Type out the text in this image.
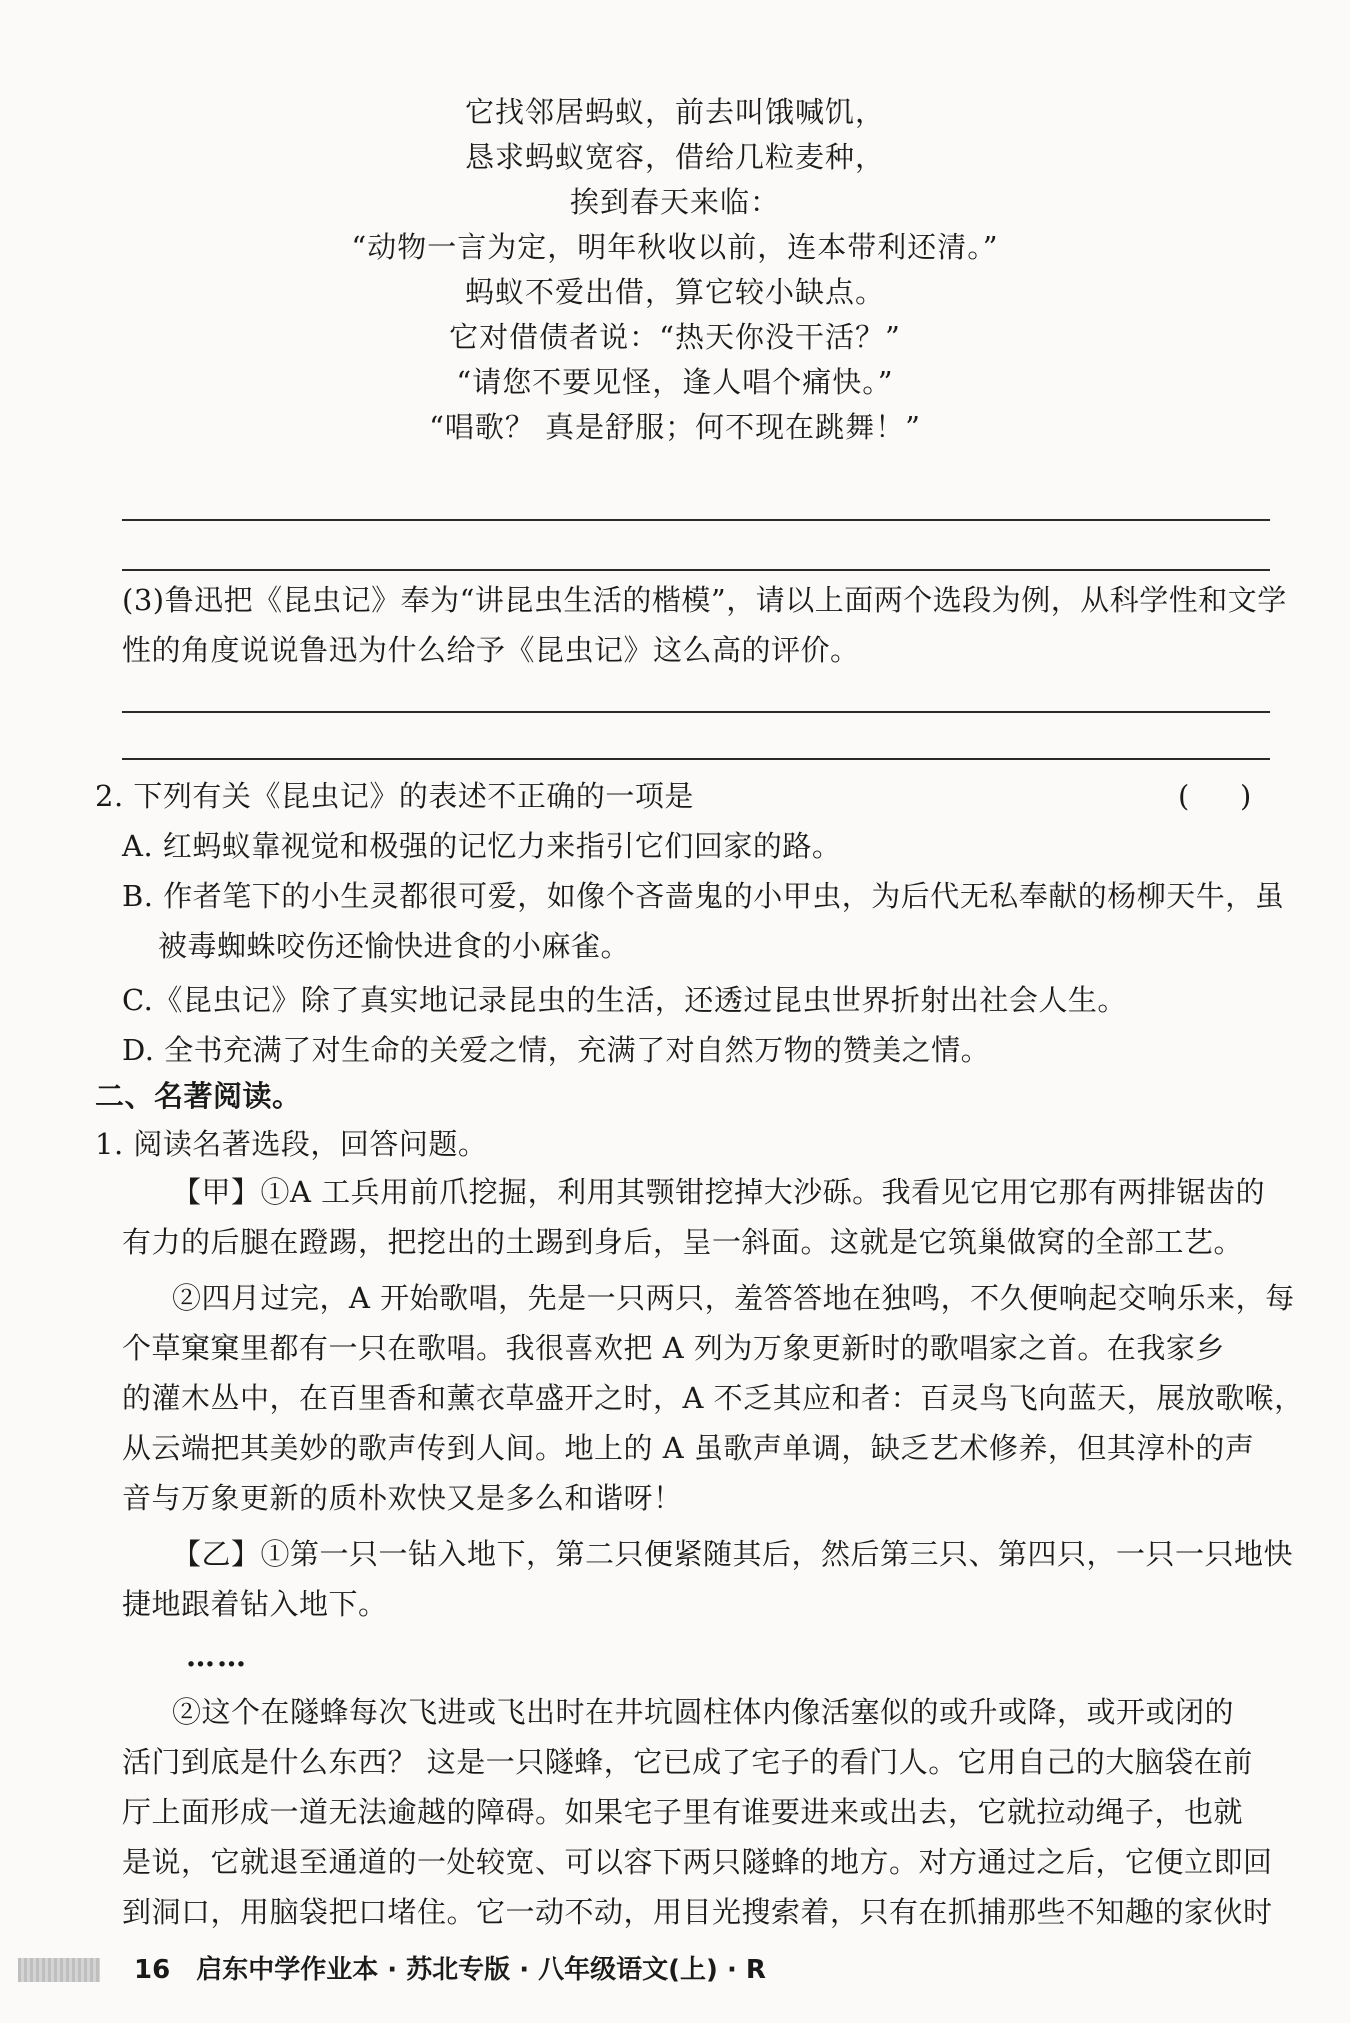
它找邻居蚂蚁，前去叫饿喊饥，
恳求蚂蚁宽容，借给几粒麦种，
挨到春天来临：
“动物一言为定，明年秋收以前，连本带利还清。”
蚂蚁不爱出借，算它较小缺点。
它对借债者说：“热天你没干活？”
“请您不要见怪，逢人唱个痛快。”
“唱歌？ 真是舒服；何不现在跳舞！”
(3)鲁迅把《昆虫记》奉为“讲昆虫生活的楷模”，请以上面两个选段为例，从科学性和文学
性的角度说说鲁迅为什么给予《昆虫记》这么高的评价。
2. 下列有关《昆虫记》的表述不正确的一项是	( )
A. 红蚂蚁靠视觉和极强的记忆力来指引它们回家的路。
B. 作者笔下的小生灵都很可爱，如像个吝啬鬼的小甲虫，为后代无私奉献的杨柳天牛，虽
被毒蜘蛛咬伤还愉快进食的小麻雀。
C.《昆虫记》除了真实地记录昆虫的生活，还透过昆虫世界折射出社会人生。
D. 全书充满了对生命的关爱之情，充满了对自然万物的赞美之情。
二、名著阅读。
1. 阅读名著选段，回答问题。
【甲】①A 工兵用前爪挖掘，利用其颚钳挖掉大沙砾。我看见它用它那有两排锯齿的
有力的后腿在蹬踢，把挖出的土踢到身后，呈一斜面。这就是它筑巢做窝的全部工艺。
②四月过完，A 开始歌唱，先是一只两只，羞答答地在独鸣，不久便响起交响乐来，每
个草窠窠里都有一只在歌唱。我很喜欢把 A 列为万象更新时的歌唱家之首。在我家乡
的灌木丛中，在百里香和薰衣草盛开之时，A 不乏其应和者：百灵鸟飞向蓝天，展放歌喉，
从云端把其美妙的歌声传到人间。地上的 A 虽歌声单调，缺乏艺术修养，但其淳朴的声
音与万象更新的质朴欢快又是多么和谐呀！
【乙】①第一只一钻入地下，第二只便紧随其后，然后第三只、第四只，一只一只地快
捷地跟着钻入地下。
……
②这个在隧蜂每次飞进或飞出时在井坑圆柱体内像活塞似的或升或降，或开或闭的
活门到底是什么东西？ 这是一只隧蜂，它已成了宅子的看门人。它用自己的大脑袋在前
厅上面形成一道无法逾越的障碍。如果宅子里有谁要进来或出去，它就拉动绳子，也就
是说，它就退至通道的一处较宽、可以容下两只隧蜂的地方。对方通过之后，它便立即回
到洞口，用脑袋把口堵住。它一动不动，用目光搜索着，只有在抓捕那些不知趣的家伙时
16 启东中学作业本 · 苏北专版 · 八年级语文(上) · R
